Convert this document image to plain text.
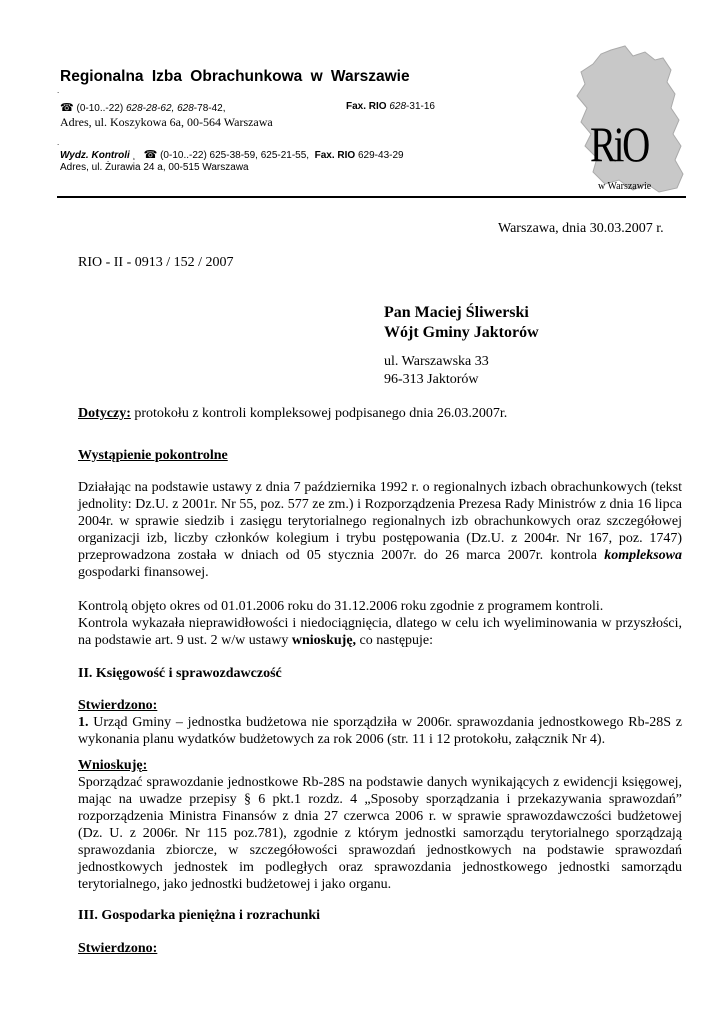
Regionalna Izba Obrachunkowa w Warszawie
.
☎ (0-10..-22) 628-28-62, 628-78-42,	Fax. RIO 628-31-16
Adres, ul. Koszykowa 6a, 00-564 Warszawa
.
Wydz. Kontroli ¸ ☎ (0-10..-22) 625-38-59, 625-21-55, Fax. RIO 629-43-29
Adres, ul. Żurawia 24 a, 00-515 Warszawa	RiO
w Warszawie
Warszawa, dnia 30.03.2007 r.
RIO - II - 0913 / 152 / 2007
Pan Maciej Śliwerski
Wójt Gminy Jaktorów
ul. Warszawska 33
96-313 Jaktorów
Dotyczy: protokołu z kontroli kompleksowej podpisanego dnia 26.03.2007r.
Wystąpienie pokontrolne
Działając na podstawie ustawy z dnia 7 października 1992 r. o regionalnych izbach obrachunkowych (tekst jednolity: Dz.U. z 2001r. Nr 55, poz. 577 ze zm.) i Rozporządzenia Prezesa Rady Ministrów z dnia 16 lipca 2004r. w sprawie siedzib i zasięgu terytorialnego regionalnych izb obrachunkowych oraz szczegółowej organizacji izb, liczby członków kolegium i trybu postępowania (Dz.U. z 2004r. Nr 167, poz. 1747) przeprowadzona została w dniach od 05 stycznia 2007r. do 26 marca 2007r. kontrola kompleksowa gospodarki finansowej.
Kontrolą objęto okres od 01.01.2006 roku do 31.12.2006 roku zgodnie z programem kontroli.
Kontrola wykazała nieprawidłowości i niedociągnięcia, dlatego w celu ich wyeliminowania w przyszłości, na podstawie art. 9 ust. 2 w/w ustawy wnioskuję, co następuje:
II. Księgowość i sprawozdawczość
Stwierdzono:
1. Urząd Gminy – jednostka budżetowa nie sporządziła w 2006r. sprawozdania jednostkowego Rb-28S z wykonania planu wydatków budżetowych za rok 2006 (str. 11 i 12 protokołu, załącznik Nr 4).
Wnioskuję:
Sporządzać sprawozdanie jednostkowe Rb-28S na podstawie danych wynikających z ewidencji księgowej, mając na uwadze przepisy § 6 pkt.1 rozdz. 4 „Sposoby sporządzania i przekazywania sprawozdań” rozporządzenia Ministra Finansów z dnia 27 czerwca 2006 r. w sprawie sprawozdawczości budżetowej (Dz. U. z 2006r. Nr 115 poz.781), zgodnie z którym jednostki samorządu terytorialnego sporządzają sprawozdania zbiorcze, w szczegółowości sprawozdań jednostkowych na podstawie sprawozdań jednostkowych jednostek im podległych oraz sprawozdania jednostkowego jednostki samorządu terytorialnego, jako jednostki budżetowej i jako organu.
III. Gospodarka pieniężna i rozrachunki
Stwierdzono:
